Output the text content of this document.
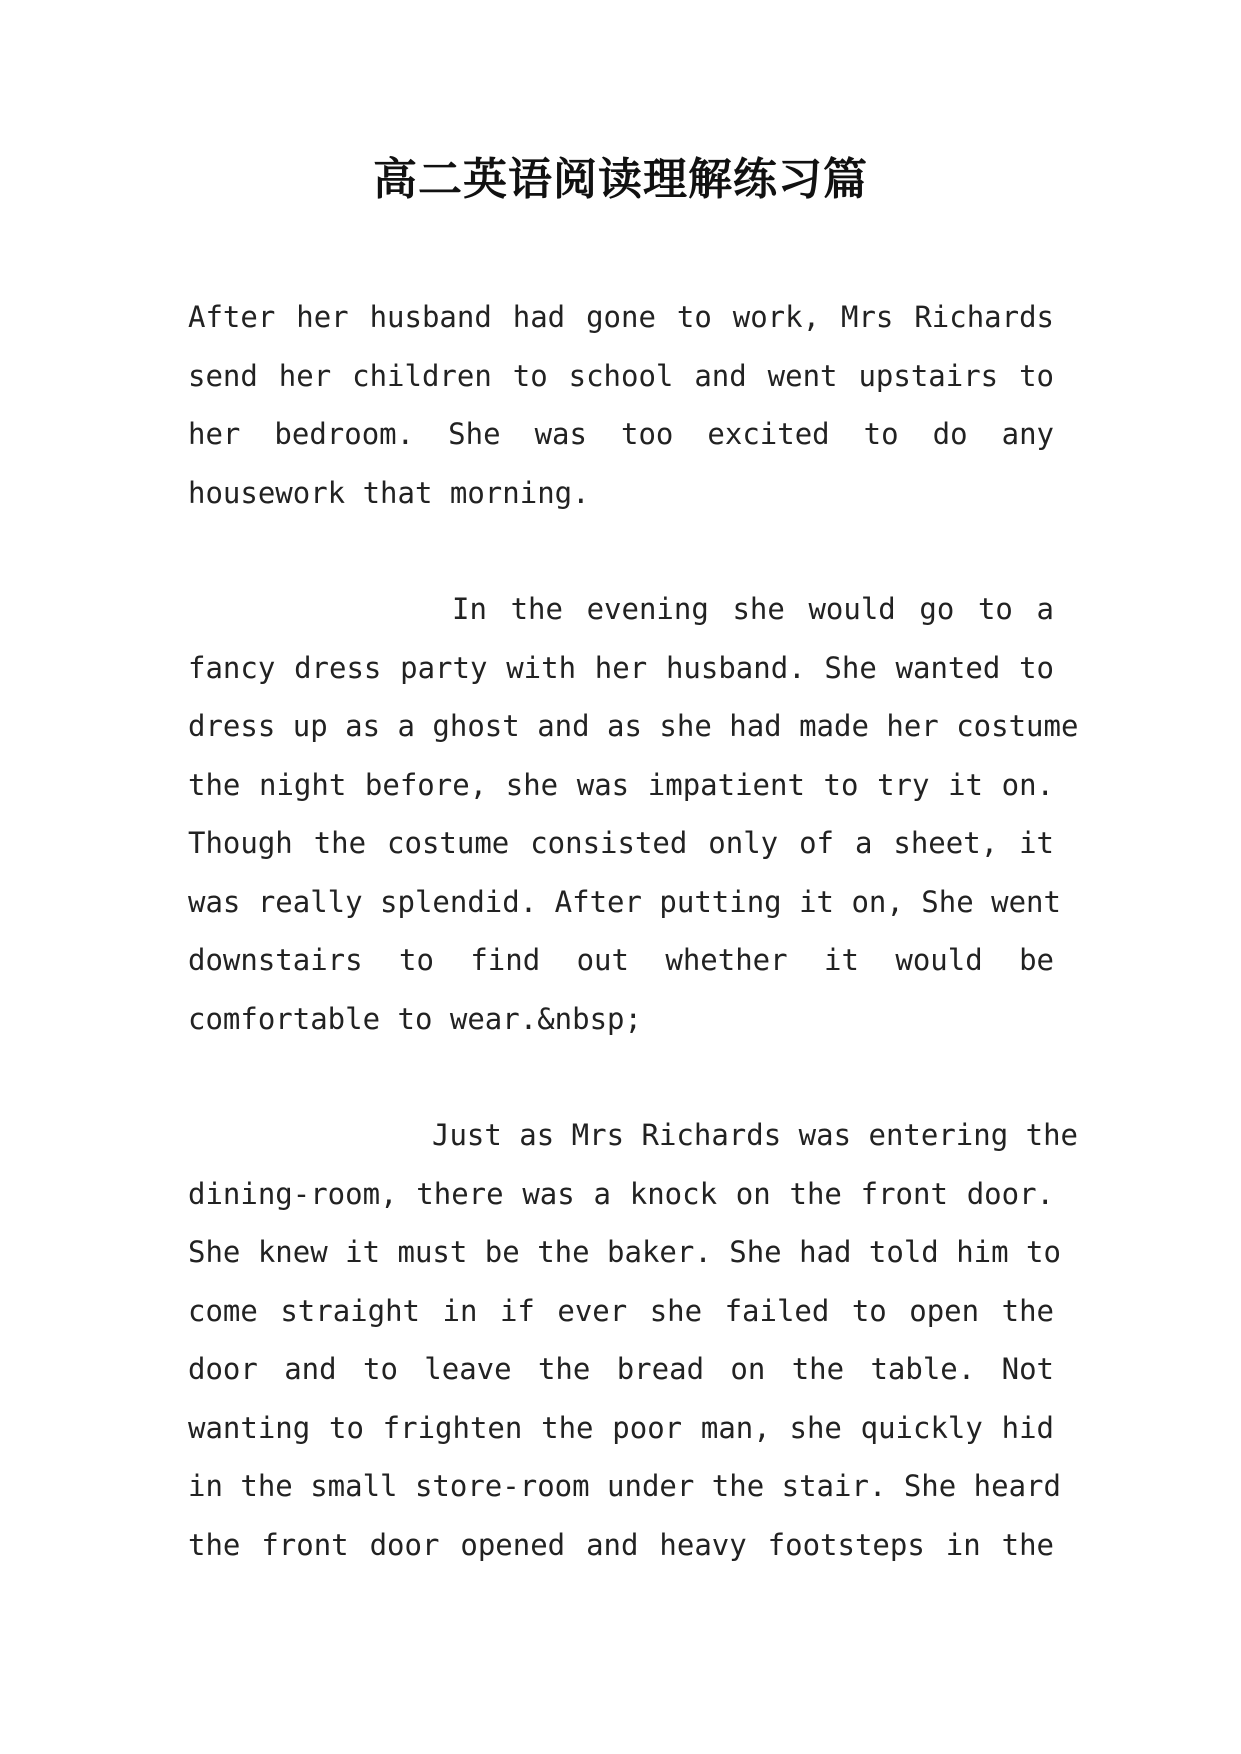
高二英语阅读理解练习篇
After her husband had gone to work, Mrs Richards
send her children to school and went upstairs to
her bedroom. She was too excited to do any
housework that morning.
In the evening she would go to a
fancy dress party with her husband. She wanted to
dress up as a ghost and as she had made her costume
the night before, she was impatient to try it on.
Though the costume consisted only of a sheet, it
was really splendid. After putting it on, She went
downstairs to find out whether it would be
comfortable to wear.&nbsp;
Just as Mrs Richards was entering the
dining-room, there was a knock on the front door.
She knew it must be the baker. She had told him to
come straight in if ever she failed to open the
door and to leave the bread on the table. Not
wanting to frighten the poor man, she quickly hid
in the small store-room under the stair. She heard
the front door opened and heavy footsteps in the
